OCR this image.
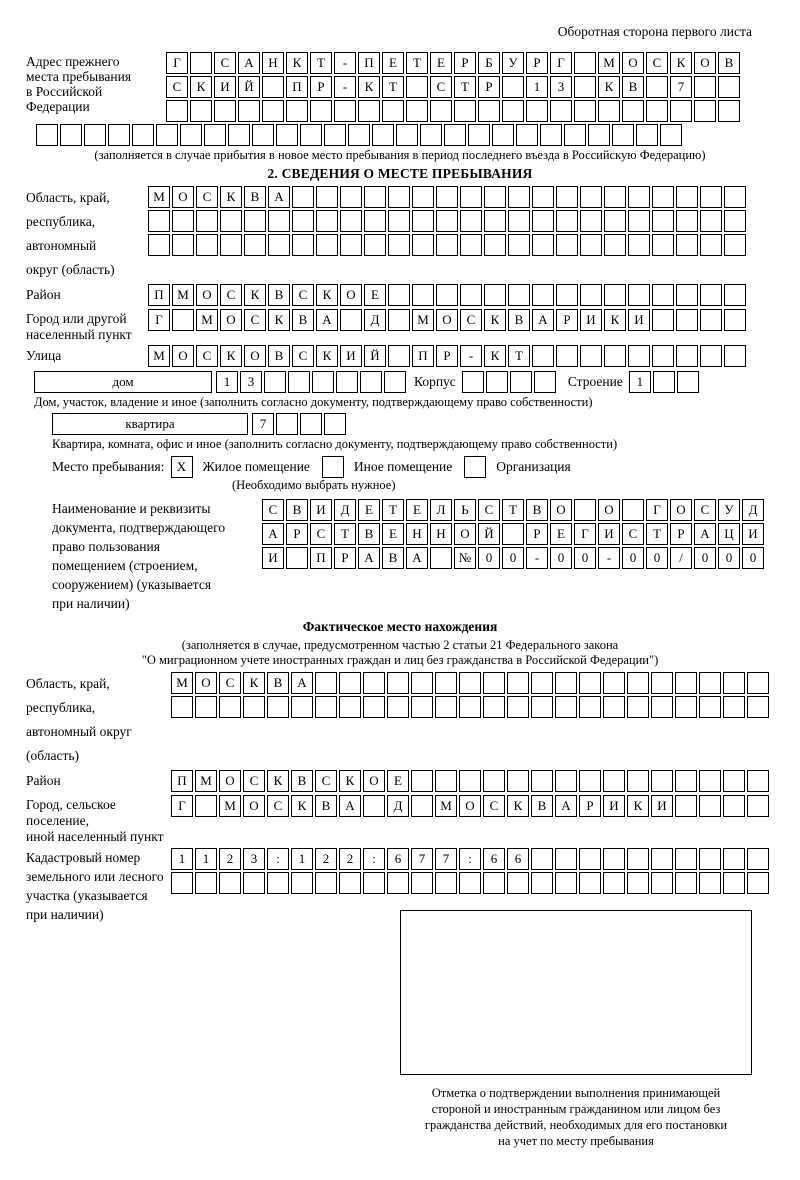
Оборотная сторона первого листа
Адрес прежнего
места пребывания
в Российской
Федерации
Г	С	А	Н	К	Т	-	П	Е	Т	Е	Р	Б	У	Р	Г	М	О	С	К	О	В
С	К	И	Й	П	Р	-	К	Т	С	Т	Р	1	3	К	В	7
(заполняется в случае прибытия в новое место пребывания в период последнего въезда в Российскую Федерацию)
2. СВЕДЕНИЯ О МЕСТЕ ПРЕБЫВАНИЯ
Область, край,
республика,
автономный
округ (область)
М	О	С	К	В	А
Район	П	М	О	С	К	В	С	К	О	Е
Город или другой
населенный пункт
Г	М	О	С	К	В	А	Д	М	О	С	К	В	А	Р	И	К	И
Улица	М	О	С	К	О	В	С	К	И	Й	П	Р	-	К	Т
дом	1	3	Корпус	Строение	1
Дом, участок, владение и иное (заполнить согласно документу, подтверждающему право собственности)
квартира	7
Квартира, комната, офис и иное (заполнить согласно документу, подтверждающему право собственности)
Место пребывания: X	Жилое помещение	Иное помещение	Организация
(Необходимо выбрать нужное)
Наименование и реквизиты
документа, подтверждающего
право пользования
помещением (строением,
сооружением) (указывается
при наличии)
С	В	И	Д	Е	Т	Е	Л	Ь	С	Т	В	О	О	Г	О	С	У	Д
А	Р	С	Т	В	Е	Н	Н	О	Й	Р	Е	Г	И	С	Т	Р	А	Ц	И
И	П	Р	А	В	А	№	0	0	-	0	0	-	0	0	/	0	0	0
Фактическое место нахождения
(заполняется в случае, предусмотренном частью 2 статьи 21 Федерального закона
"О миграционном учете иностранных граждан и лиц без гражданства в Российской Федерации")
Область, край,
республика,
автономный округ
(область)
М	О	С	К	В	А
Район	П	М	О	С	К	В	С	К	О	Е
Город, сельское поселение,
иной населенный пункт
Г	М	О	С	К	В	А	Д	М	О	С	К	В	А	Р	И	К	И
Кадастровый номер
земельного или лесного
участка (указывается
при наличии)
1	1	2	3	:	1	2	2	:	6	7	7	:	6	6
Отметка о подтверждении выполнения принимающей
стороной и иностранным гражданином или лицом без
гражданства действий, необходимых для его постановки
на учет по месту пребывания
